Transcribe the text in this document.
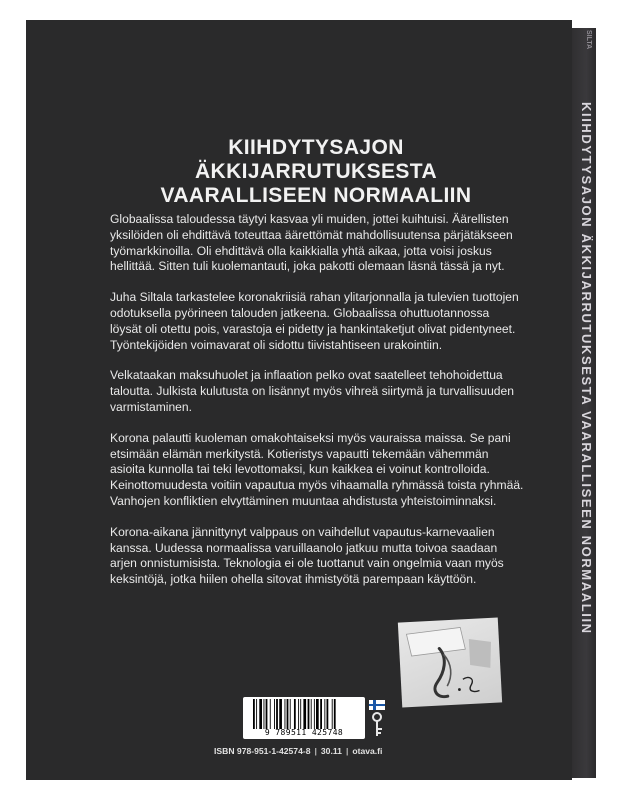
SILTA
KIIHDYTYSAJON ÄKKIJARRUTUKSESTA VAARALLISEEN NORMAALIIN
KIIHDYTYSAJON
ÄKKIJARRUTUKSESTA
VAARALLISEEN NORMAALIIN

Globaalissa taloudessa täytyi kasvaa yli muiden, jottei kuihtuisi. Äärellisten yksilöiden oli ehdittävä toteuttaa äärettömät mahdollisuutensa pärjätäkseen työmarkkinoilla. Oli ehdittävä olla kaikkialla yhtä aikaa, jotta voisi joskus hellittää. Sitten tuli kuolemantauti, joka pakotti olemaan läsnä tässä ja nyt.

Juha Siltala tarkastelee koronakriisiä rahan ylitarjonnalla ja tulevien tuottojen odotuksella pyörineen talouden jatkeena. Globaalissa ohuttuotannossa löysät oli otettu pois, varastoja ei pidetty ja hankintaketjut olivat pidentyneet. Työntekijöiden voimavarat oli sidottu tiivistahtiseen urakointiin.

Velkataakan maksuhuolet ja inflaation pelko ovat saatelleet tehohoidettua taloutta. Julkista kulutusta on lisännyt myös vihreä siirtymä ja turvallisuuden varmistaminen.

Korona palautti kuoleman omakohtaiseksi myös vauraissa maissa. Se pani etsimään elämän merkitystä. Kotieristys vapautti tekemään vähemmän asioita kunnolla tai teki levottomaksi, kun kaikkea ei voinut kontrolloida. Keinottomuudesta voitiin vapautua myös vihaamalla ryhmässä toista ryhmää. Vanhojen konfliktien elvyttäminen muuntaa ahdistusta yhteistoiminnaksi.

Korona-aikana jännittynyt valppaus on vaihdellut vapautus-karnevaalien kanssa. Uudessa normaalissa varuillaanolo jatkuu mutta toivoa saadaan arjen onnistumisista. Teknologia ei ole tuottanut vain ongelmia vaan myös keksintöjä, jotka hiilen ohella sitovat ihmistyötä parempaan käyttöön.

9 789511 425748
ISBN 978-951-1-42574-8 | 30.11 | otava.fi
